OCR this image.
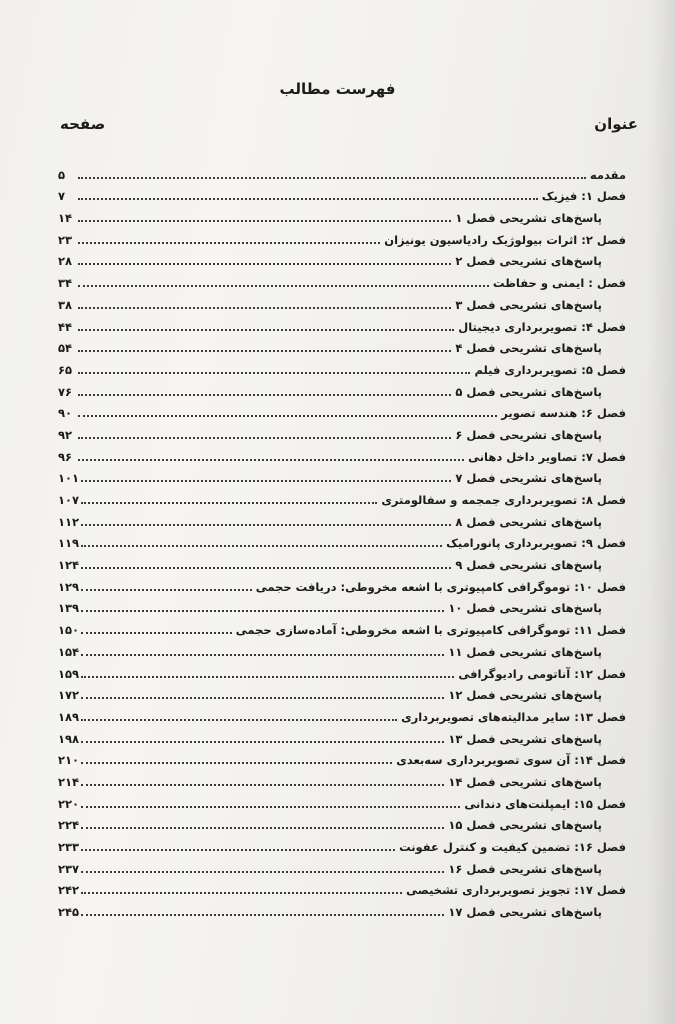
فهرست مطالب
عنوان
صفحه
مقدمه
۵
فصل ۱: فیزیک
۷
پاسخ‌های تشریحی فصل ۱
۱۴
فصل ۲: اثرات بیولوژیک رادیاسیون یونیزان
۲۳
پاسخ‌های تشریحی فصل ۲
۲۸
فصل : ایمنی و حفاظت
۳۴
پاسخ‌های تشریحی فصل ۳
۳۸
فصل ۴: تصویربرداری دیجیتال
۴۴
پاسخ‌های تشریحی فصل ۴
۵۴
فصل ۵: تصویربرداری فیلم
۶۵
پاسخ‌های تشریحی فصل ۵
۷۶
فصل ۶: هندسه تصویر
۹۰
پاسخ‌های تشریحی فصل ۶
۹۲
فصل ۷: تصاویر داخل دهانی
۹۶
پاسخ‌های تشریحی فصل ۷
۱۰۱
فصل ۸: تصویربرداری جمجمه و سفالومتری
۱۰۷
پاسخ‌های تشریحی فصل ۸
۱۱۲
فصل ۹: تصویربرداری پانورامیک
۱۱۹
پاسخ‌های تشریحی فصل ۹
۱۲۴
فصل ۱۰: توموگرافی کامپیوتری با اشعه مخروطی: دریافت حجمی
۱۲۹
پاسخ‌های تشریحی فصل ۱۰
۱۳۹
فصل ۱۱: توموگرافی کامپیوتری با اشعه مخروطی: آماده‌سازی حجمی
۱۵۰
پاسخ‌های تشریحی فصل ۱۱
۱۵۴
فصل ۱۲: آناتومی رادیوگرافی
۱۵۹
پاسخ‌های تشریحی فصل ۱۲
۱۷۲
فصل ۱۳: سایر مدالیته‌های تصویربرداری
۱۸۹
پاسخ‌های تشریحی فصل ۱۳
۱۹۸
فصل ۱۴: آن سوی تصویربرداری سه‌بعدی
۲۱۰
پاسخ‌های تشریحی فصل ۱۴
۲۱۴
فصل ۱۵: ایمپلنت‌های دندانی
۲۲۰
پاسخ‌های تشریحی فصل ۱۵
۲۲۴
فصل ۱۶: تضمین کیفیت و کنترل عفونت
۲۳۳
پاسخ‌های تشریحی فصل ۱۶
۲۳۷
فصل ۱۷: تجویز تصویربرداری تشخیصی
۲۴۲
پاسخ‌های تشریحی فصل ۱۷
۲۴۵
